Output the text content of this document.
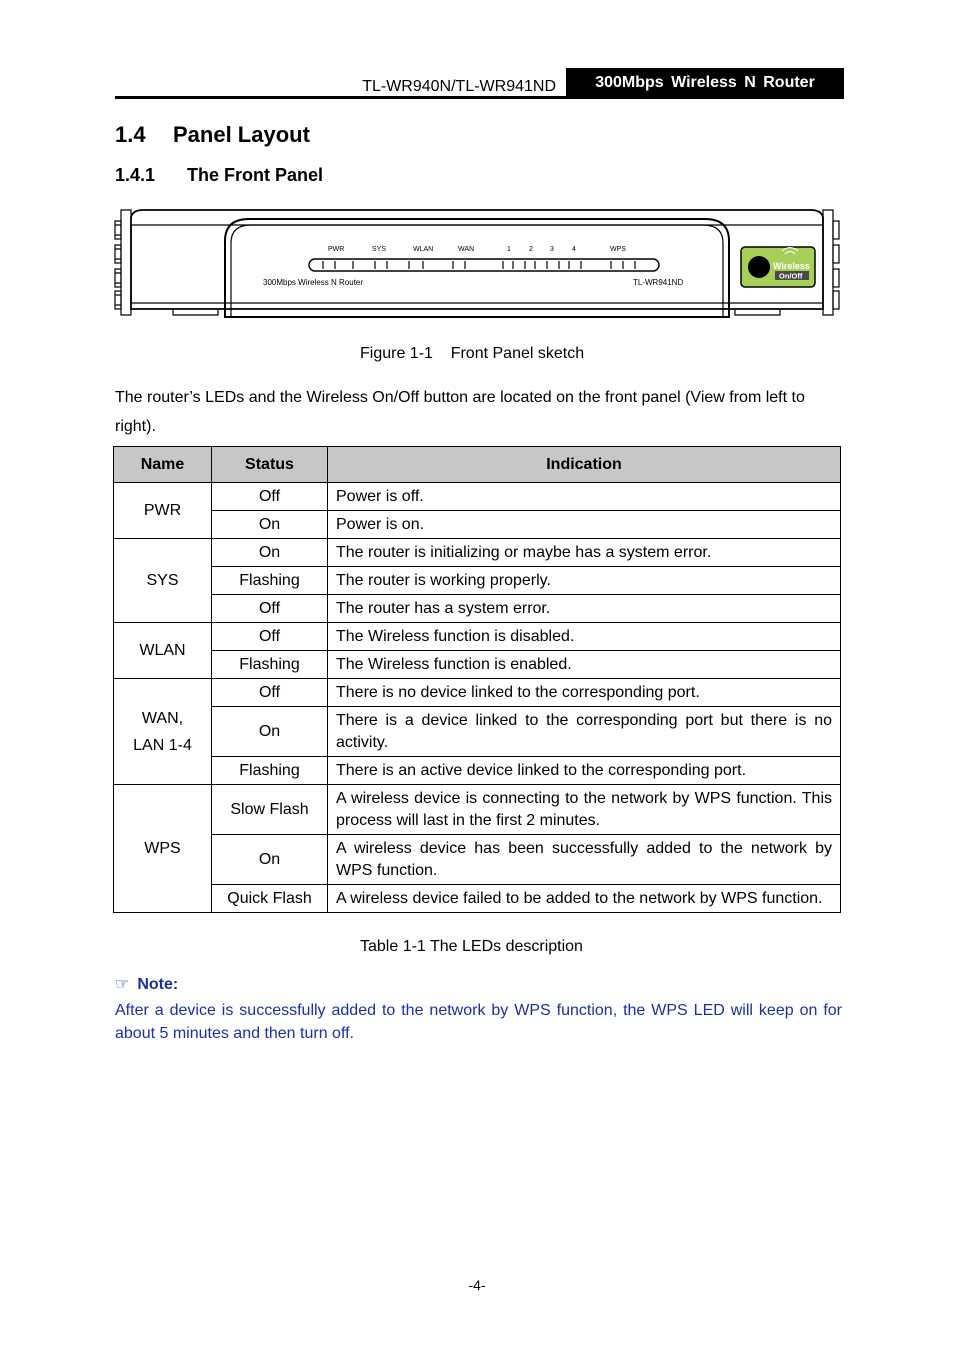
TL-WR940N/TL-WR941ND	300Mbps Wireless N Router
1.4 Panel Layout
1.4.1 The Front Panel
PWR	SYS	WLAN	WAN	1	2 3	4	WPS
300Mbps Wireless N Router	TL-WR941ND
Wireless
On/Off
Figure 1-1    Front Panel sketch
The router’s LEDs and the Wireless On/Off button are located on the front panel (View from left to right).
Name	Status	Indication

PWR	Off	Power is off.
	On	Power is on.
SYS	On	The router is initializing or maybe has a system error.
	Flashing	The router is working properly.
	Off	The router has a system error.
WLAN	Off	The Wireless function is disabled.
	Flashing	The Wireless function is enabled.
WAN,
LAN 1-4	Off	There is no device linked to the corresponding port.
	On	There is a device linked to the corresponding port but there is no activity.
	Flashing	There is an active device linked to the corresponding port.
WPS	Slow Flash	A wireless device is connecting to the network by WPS function. This process will last in the first 2 minutes.
	On	A wireless device has been successfully added to the network by WPS function.
	Quick Flash	A wireless device failed to be added to the network by WPS function.
Table 1-1 The LEDs description
☞ Note:
After a device is successfully added to the network by WPS function, the WPS LED will keep on for about 5 minutes and then turn off.
-4-
